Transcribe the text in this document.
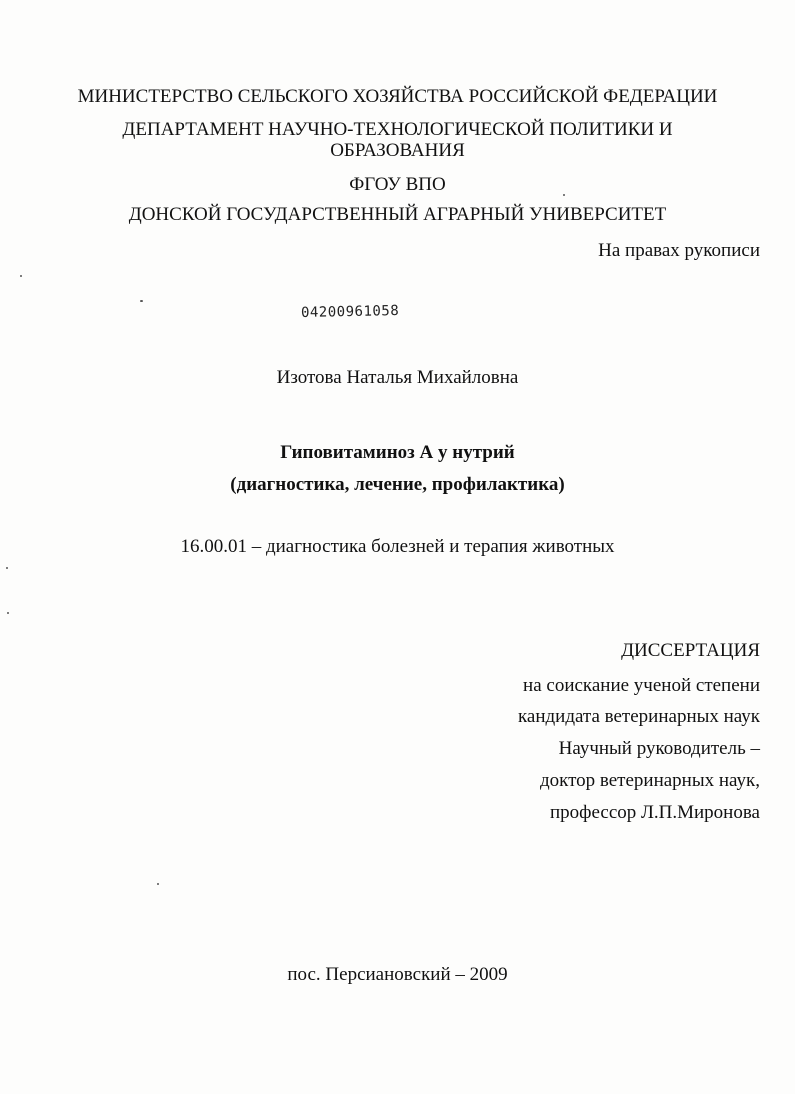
МИНИСТЕРСТВО СЕЛЬСКОГО ХОЗЯЙСТВА РОССИЙСКОЙ ФЕДЕРАЦИИ
ДЕПАРТАМЕНТ НАУЧНО-ТЕХНОЛОГИЧЕСКОЙ ПОЛИТИКИ И
ОБРАЗОВАНИЯ
ФГОУ ВПО
ДОНСКОЙ ГОСУДАРСТВЕННЫЙ АГРАРНЫЙ УНИВЕРСИТЕТ
На правах рукописи
04200961058
Изотова Наталья Михайловна
Гиповитаминоз А у нутрий
(диагностика, лечение, профилактика)
16.00.01 – диагностика болезней и терапия животных
ДИССЕРТАЦИЯ
на соискание ученой степени
кандидата ветеринарных наук
Научный руководитель –
доктор ветеринарных наук,
профессор Л.П.Миронова
пос. Персиановский – 2009
